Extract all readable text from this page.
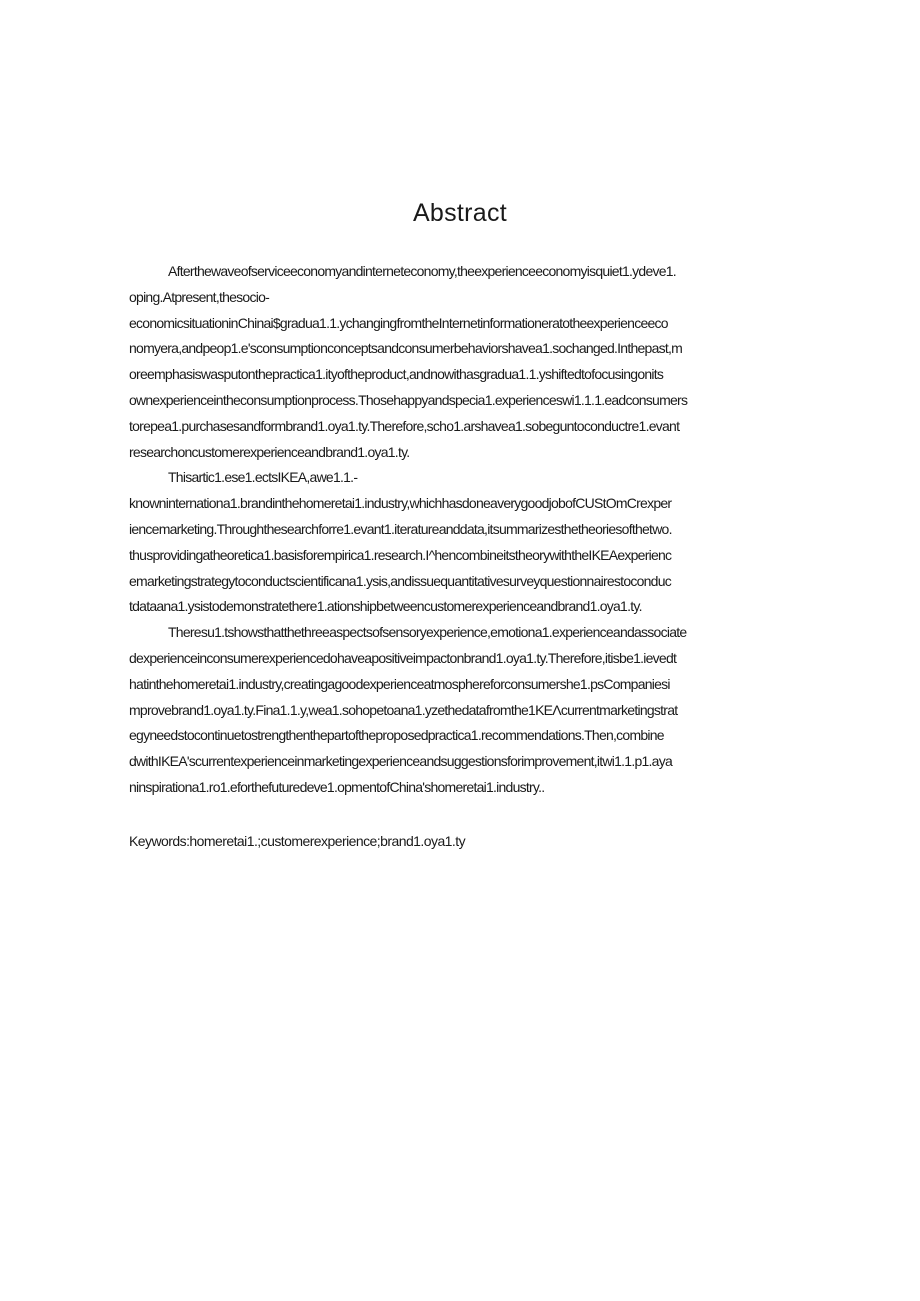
Abstract
Afterthewaveofserviceeconomyandinterneteconomy,theexperienceeconomyisquiet1.ydeve1.
oping.Atpresent,thesocio-
economicsituationinChinai$gradua1.1.ychangingfromtheInternetinformationeratotheexperienceeco
nomyera,andpeop1.e'sconsumptionconceptsandconsumerbehaviorshavea1.sochanged.Inthepast,m
oreemphasiswasputonthepractica1.ityoftheproduct,andnowithasgradua1.1.yshiftedtofocusingonits
ownexperienceintheconsumptionprocess.Thosehappyandspecia1.experienceswi1.1.1.eadconsumers
torepea1.purchasesandformbrand1.oya1.ty.Therefore,scho1.arshavea1.sobeguntoconductre1.evant
researchoncustomerexperienceandbrand1.oya1.ty.
Thisartic1.ese1.ectsIKEA,awe1.1.-
knowninternationa1.brandinthehomeretai1.industry,whichhasdoneaverygoodjobofCUStOmCrexper
iencemarketing.Throughthesearchforre1.evant1.iteratureanddata,itsummarizesthetheoriesofthetwo.
thusprovidingatheoretica1.basisforempirica1.research.I^hencombineitstheorywiththeIKEAexperienc
emarketingstrategytoconductscientificana1.ysis,andissuequantitativesurveyquestionnairestoconduc
tdataana1.ysistodemonstratethere1.ationshipbetweencustomerexperienceandbrand1.oya1.ty.
Theresu1.tshowsthatthethreeaspectsofsensoryexperience,emotiona1.experienceandassociate
dexperienceinconsumerexperiencedohaveapositiveimpactonbrand1.oya1.ty.Therefore,itisbe1.ievedt
hatinthehomeretai1.industry,creatingagoodexperienceatmosphereforconsumershe1.psCompaniesi
mprovebrand1.oya1.ty.Fina1.1.y,wea1.sohopetoana1.yzethedatafromthe1KEΛcurrentmarketingstrat
egyneedstocontinuetostrengthenthepartoftheproposedpractica1.recommendations.Then,combine
dwithIKEA'scurrentexperienceinmarketingexperienceandsuggestionsforimprovement,itwi1.1.p1.aya
ninspirationa1.ro1.eforthefuturedeve1.opmentofChina'shomeretai1.industry..
Keywords:homeretai1.;customerexperience;brand1.oya1.ty
